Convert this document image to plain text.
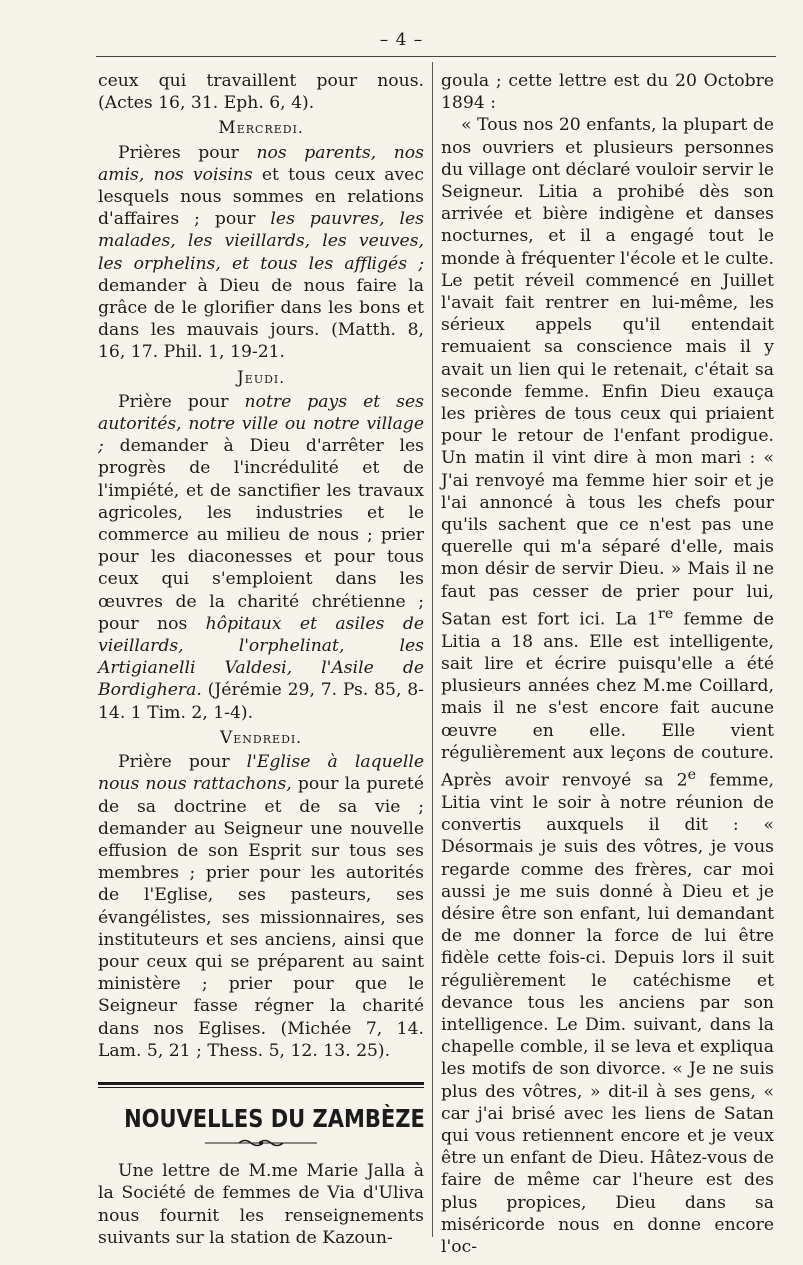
– 4 –

ceux qui travaillent pour nous. (Actes 16, 31. Eph. 6, 4).

Mercredi.

Prières pour nos parents, nos amis, nos voisins et tous ceux avec lesquels nous sommes en relations d'affaires ; pour les pauvres, les malades, les vieillards, les veuves, les orphelins, et tous les affligés ; demander à Dieu de nous faire la grâce de le glorifier dans les bons et dans les mauvais jours. (Matth. 8, 16, 17. Phil. 1, 19-21.

Jeudi.

Prière pour notre pays et ses autorités, notre ville ou notre village ; demander à Dieu d'arrêter les progrès de l'incrédulité et de l'impiété, et de sanctifier les travaux agricoles, les industries et le commerce au milieu de nous ; prier pour les diaconesses et pour tous ceux qui s'emploient dans les œuvres de la charité chrétienne ; pour nos hôpitaux et asiles de vieillards, l'orphelinat, les Artigianelli Valdesi, l'Asile de Bordighera. (Jérémie 29, 7. Ps. 85, 8-14. 1 Tim. 2, 1-4).

Vendredi.

Prière pour l'Eglise à laquelle nous nous rattachons, pour la pureté de sa doctrine et de sa vie ; demander au Seigneur une nouvelle effusion de son Esprit sur tous ses membres ; prier pour les autorités de l'Eglise, ses pasteurs, ses évangélistes, ses missionnaires, ses instituteurs et ses anciens, ainsi que pour ceux qui se préparent au saint ministère ; prier pour que le Seigneur fasse régner la charité dans nos Eglises. (Michée 7, 14. Lam. 5, 21 ; Thess. 5, 12. 13. 25).

NOUVELLES DU ZAMBÈZE

Une lettre de M.me Marie Jalla à la Société de femmes de Via d'Uliva nous fournit les renseignements suivants sur la station de Kazoun-

goula ; cette lettre est du 20 Octobre 1894 :

« Tous nos 20 enfants, la plupart de nos ouvriers et plusieurs personnes du village ont déclaré vouloir servir le Seigneur. Litia a prohibé dès son arrivée et bière indigène et danses nocturnes, et il a engagé tout le monde à fréquenter l'école et le culte. Le petit réveil commencé en Juillet l'avait fait rentrer en lui-même, les sérieux appels qu'il entendait remuaient sa conscience mais il y avait un lien qui le retenait, c'était sa seconde femme. Enfin Dieu exauça les prières de tous ceux qui priaient pour le retour de l'enfant prodigue. Un matin il vint dire à mon mari : « J'ai renvoyé ma femme hier soir et je l'ai annoncé à tous les chefs pour qu'ils sachent que ce n'est pas une querelle qui m'a séparé d'elle, mais mon désir de servir Dieu. » Mais il ne faut pas cesser de prier pour lui, Satan est fort ici. La 1re femme de Litia a 18 ans. Elle est intelligente, sait lire et écrire puisqu'elle a été plusieurs années chez M.me Coillard, mais il ne s'est encore fait aucune œuvre en elle. Elle vient régulièrement aux leçons de couture. Après avoir renvoyé sa 2e femme, Litia vint le soir à notre réunion de convertis auxquels il dit : « Désormais je suis des vôtres, je vous regarde comme des frères, car moi aussi je me suis donné à Dieu et je désire être son enfant, lui demandant de me donner la force de lui être fidèle cette fois-ci. Depuis lors il suit régulièrement le catéchisme et devance tous les anciens par son intelligence. Le Dim. suivant, dans la chapelle comble, il se leva et expliqua les motifs de son divorce. « Je ne suis plus des vôtres, » dit-il à ses gens, « car j'ai brisé avec les liens de Satan qui vous retiennent encore et je veux être un enfant de Dieu. Hâtez-vous de faire de même car l'heure est des plus propices, Dieu dans sa miséricorde nous en donne encore l'oc-
